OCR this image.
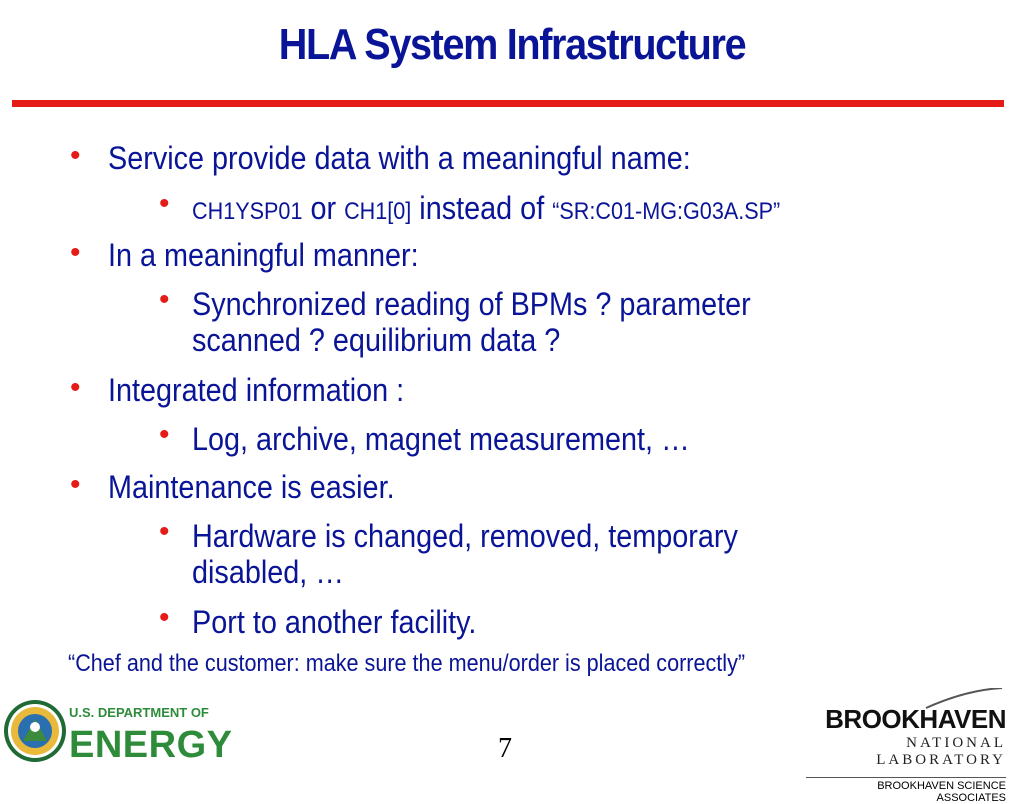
HLA System Infrastructure
• Service provide data with a meaningful name:
• CH1YSP01 or CH1[0] instead of “SR:C01-MG:G03A.SP”
• In a meaningful manner:
• Synchronized reading of BPMs ? parameter
scanned ? equilibrium data ?
• Integrated information :
• Log, archive, magnet measurement, …
• Maintenance is easier.
• Hardware is changed, removed, temporary
disabled, …
• Port to another facility.
“Chef and the customer: make sure the menu/order is placed correctly”
7
U.S. DEPARTMENT OF
ENERGY
BROOKHAVEN
NATIONAL LABORATORY
BROOKHAVEN SCIENCE ASSOCIATES
